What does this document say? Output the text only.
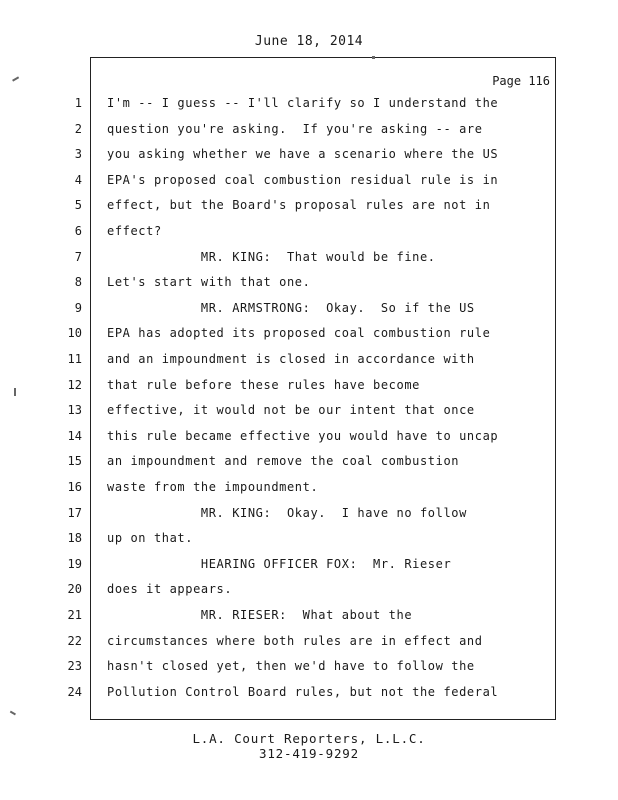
June 18, 2014
Page 116
1 I'm -- I guess -- I'll clarify so I understand the
2 question you're asking.  If you're asking -- are
3 you asking whether we have a scenario where the US
4 EPA's proposed coal combustion residual rule is in
5 effect, but the Board's proposal rules are not in
6 effect?
7 MR. KING:  That would be fine.
8 Let's start with that one.
9 MR. ARMSTRONG:  Okay.  So if the US
10 EPA has adopted its proposed coal combustion rule
11 and an impoundment is closed in accordance with
12 that rule before these rules have become
13 effective, it would not be our intent that once
14 this rule became effective you would have to uncap
15 an impoundment and remove the coal combustion
16 waste from the impoundment.
17 MR. KING:  Okay.  I have no follow
18 up on that.
19 HEARING OFFICER FOX:  Mr. Rieser
20 does it appears.
21 MR. RIESER:  What about the
22 circumstances where both rules are in effect and
23 hasn't closed yet, then we'd have to follow the
24 Pollution Control Board rules, but not the federal
L.A. Court Reporters, L.L.C.
312-419-9292
